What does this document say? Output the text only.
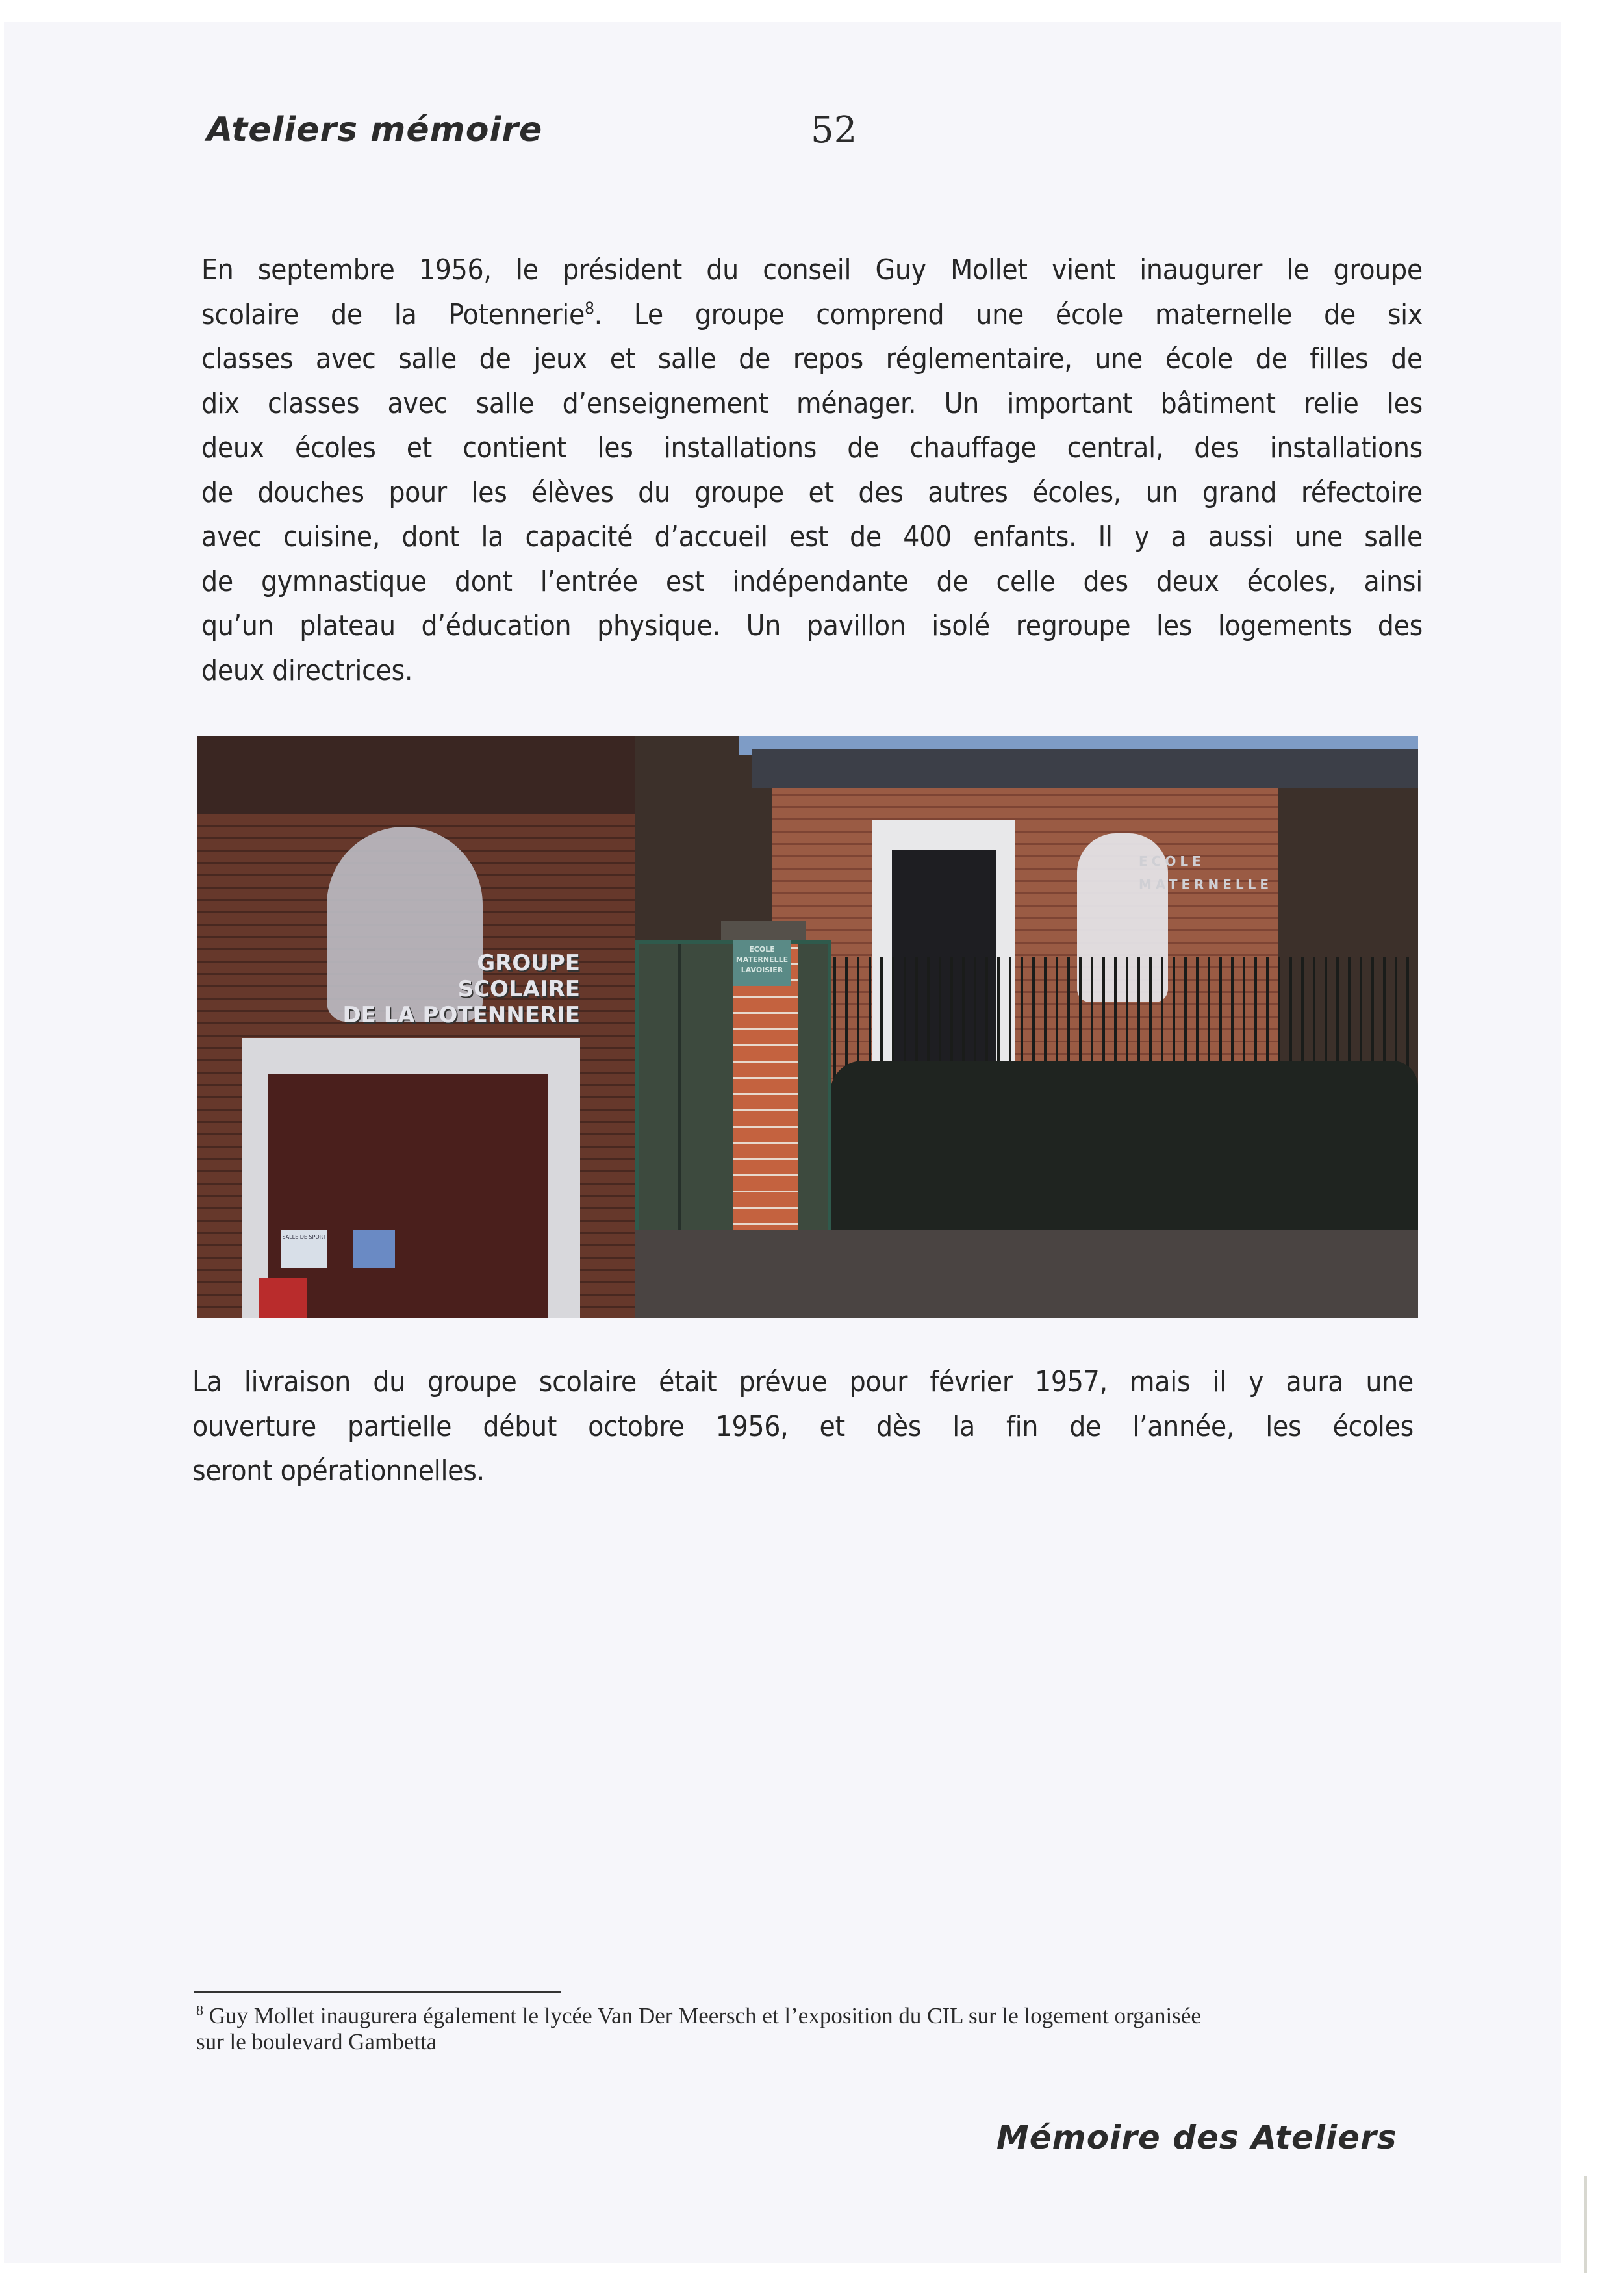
Ateliers mémoire	52
En septembre 1956, le président du conseil Guy Mollet vient inaugurer le groupe
scolaire de la Potennerie$^8$. Le groupe comprend une école maternelle de six
classes avec salle de jeux et salle de repos réglementaire, une école de filles de
dix classes avec salle d’enseignement ménager. Un important bâtiment relie les
deux écoles et contient les installations de chauffage central, des installations
de douches pour les élèves du groupe et des autres écoles, un grand réfectoire
avec cuisine, dont la capacité d’accueil est de 400 enfants. Il y a aussi une salle
de gymnastique dont l’entrée est indépendante de celle des deux écoles, ainsi
qu’un plateau d’éducation physique. Un pavillon isolé regroupe les logements des
deux directrices.
GROUPE
SCOLAIRE
DE LA POTENNERIE
SALLE DE SPORT
ECOLE
MATERNELLE
ECOLE
MATERNELLE
LAVOISIER
La livraison du groupe scolaire était prévue pour février 1957, mais il y aura une
ouverture partielle début octobre 1956, et dès la fin de l’année, les écoles
seront opérationnelles.
$^8$ Guy Mollet inaugurera également le lycée Van Der Meersch et l’exposition du CIL sur le logement organisée
sur le boulevard Gambetta
Mémoire des Ateliers
